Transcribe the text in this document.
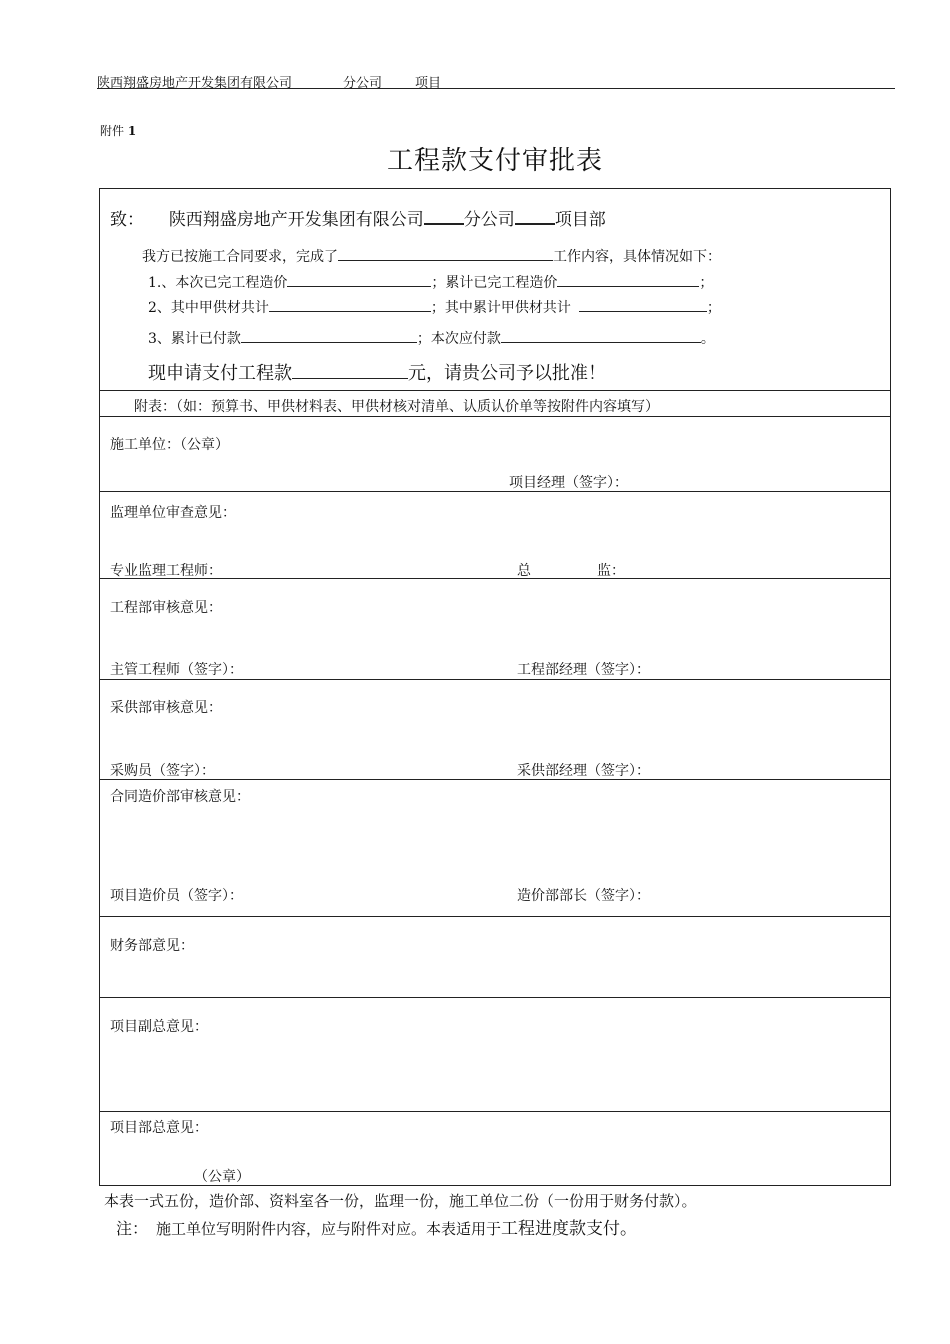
陕西翔盛房地产开发集团有限公司	分公司	项目
附件 1
工程款支付审批表
致： 陕西翔盛房地产开发集团有限公司 分公司 项目部
我方已按施工合同要求，完成了	工作内容，具体情况如下：
1.、本次已完工程造价	；累计已完工程造价	；
2、其中甲供材共计	；其中累计甲供材共计	；
3、累计已付款	；本次应付款	。
现申请支付工程款	元，请贵公司予以批准！
附表：（如：预算书、甲供材料表、甲供材核对清单、认质认价单等按附件内容填写）
施工单位：（公章）
项目经理（签字）：
监理单位审查意见：
专业监理工程师：	总	监：
工程部审核意见：
主管工程师（签字）：	工程部经理（签字）：
采供部审核意见：
采购员（签字）：	采供部经理（签字）：
合同造价部审核意见：
项目造价员（签字）：	造价部部长（签字）：
财务部意见：
项目副总意见：
项目部总意见：
（公章）
本表一式五份，造价部、资料室各一份，监理一份，施工单位二份（一份用于财务付款）。
注： 施工单位写明附件内容，应与附件对应。本表适用于工程进度款支付。
